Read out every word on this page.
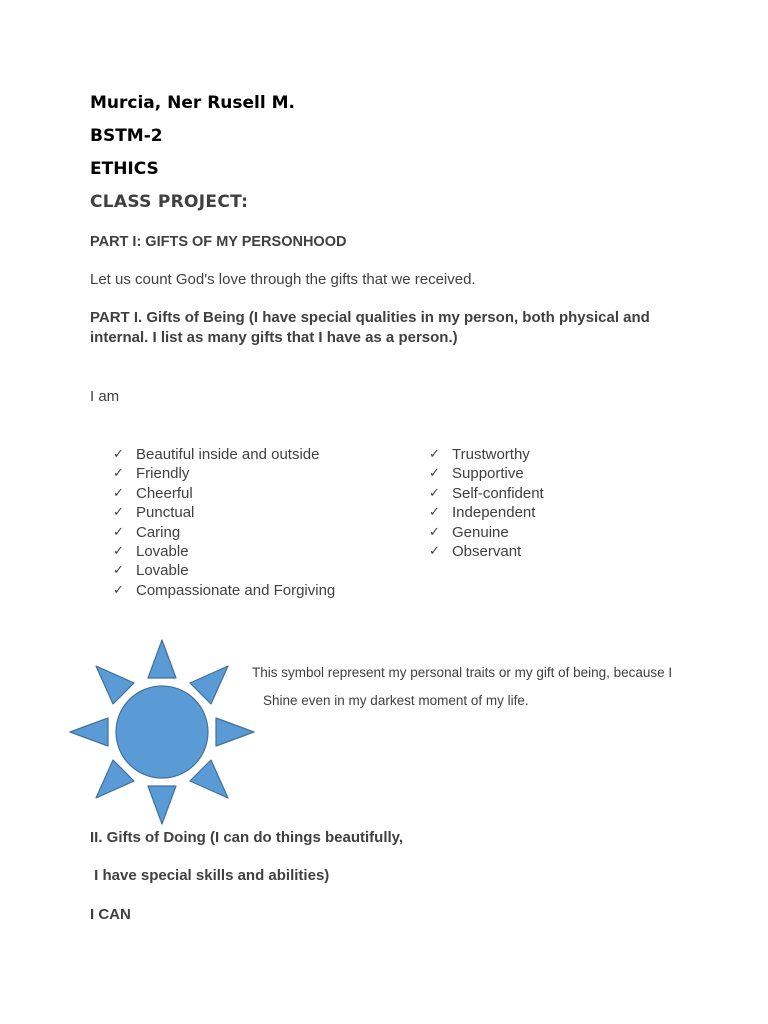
Murcia, Ner Rusell M.
BSTM-2
ETHICS
CLASS PROJECT:
PART I: GIFTS OF MY PERSONHOOD
Let us count God's love through the gifts that we received.
PART I. Gifts of Being (I have special qualities in my person, both physical and internal. I list as many gifts that I have as a person.)
I am
✓ Beautiful inside and outside
✓ Friendly
✓ Cheerful
✓ Punctual
✓ Caring
✓ Lovable
✓ Lovable
✓ Compassionate and Forgiving
✓ Trustworthy
✓ Supportive
✓ Self-confident
✓ Independent
✓ Genuine
✓ Observant
This symbol represent my personal traits or my gift of being, because I
Shine even in my darkest moment of my life.
II. Gifts of Doing (I can do things beautifully,
I have special skills and abilities)
I CAN
